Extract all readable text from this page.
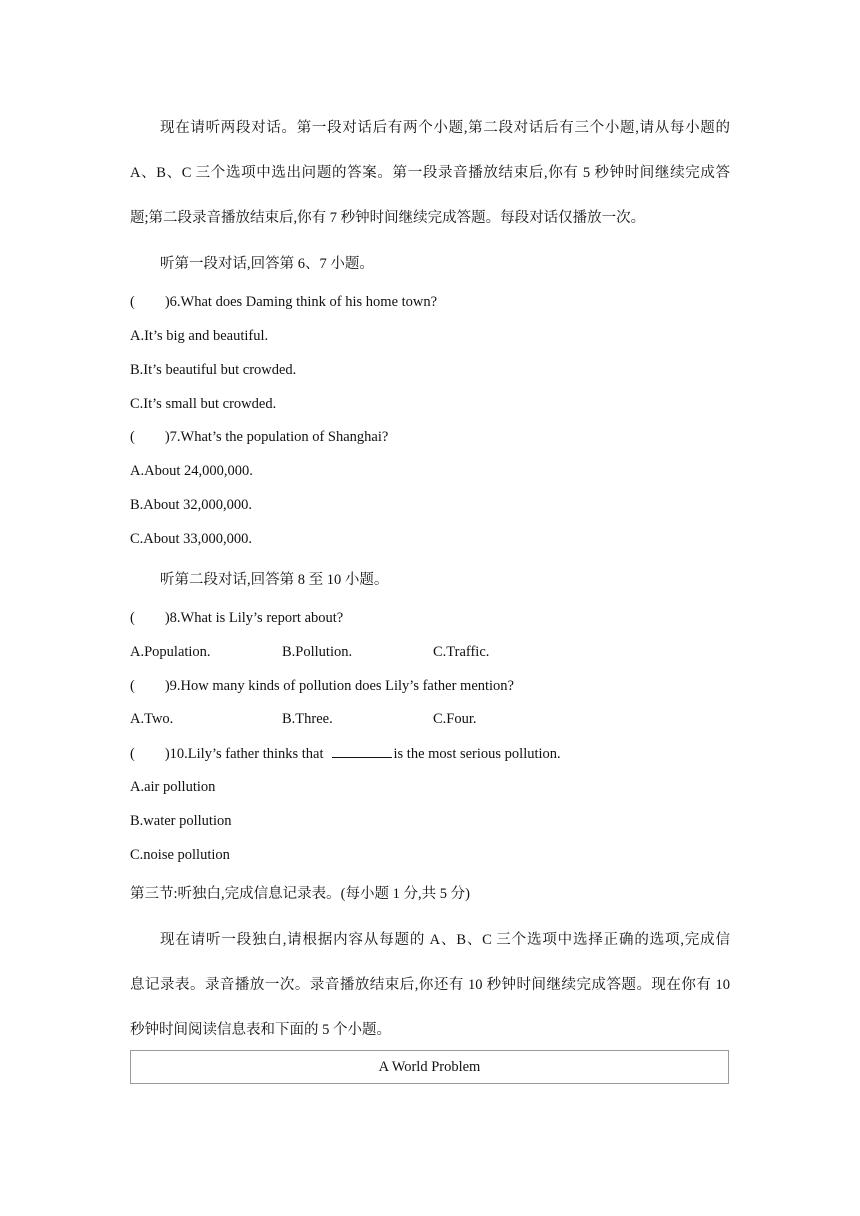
现在请听两段对话。第一段对话后有两个小题,第二段对话后有三个小题,请从每小题的
A、B、C 三个选项中选出问题的答案。第一段录音播放结束后,你有 5 秒钟时间继续完成答
题;第二段录音播放结束后,你有 7 秒钟时间继续完成答题。每段对话仅播放一次。
听第一段对话,回答第 6、7 小题。
( )6.What does Daming think of his home town?
A.It’s big and beautiful.
B.It’s beautiful but crowded.
C.It’s small but crowded.
( )7.What’s the population of Shanghai?
A.About 24,000,000.
B.About 32,000,000.
C.About 33,000,000.
听第二段对话,回答第 8 至 10 小题。
( )8.What is Lily’s report about?
A.Population.	B.Pollution.	C.Traffic.
( )9.How many kinds of pollution does Lily’s father mention?
A.Two.	B.Three.	C.Four.
( )10.Lily’s father thinks that	is the most serious pollution.
A.air pollution
B.water pollution
C.noise pollution
第三节:听独白,完成信息记录表。(每小题 1 分,共 5 分)
现在请听一段独白,请根据内容从每题的 A、B、C 三个选项中选择正确的选项,完成信
息记录表。录音播放一次。录音播放结束后,你还有 10 秒钟时间继续完成答题。现在你有 10
秒钟时间阅读信息表和下面的 5 个小题。
A World Problem
